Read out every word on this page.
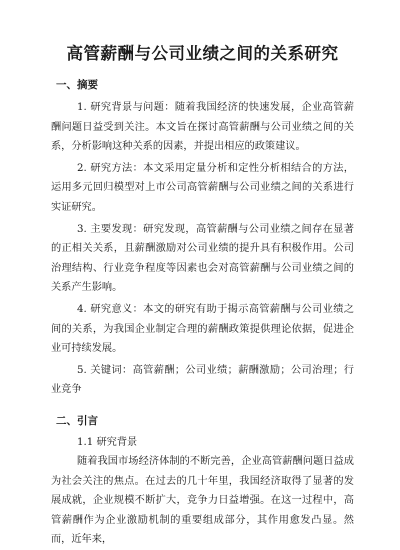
高管薪酬与公司业绩之间的关系研究
一、摘要

1. 研究背景与问题：随着我国经济的快速发展，企业高管薪酬问题日益受到关注。本文旨在探讨高管薪酬与公司业绩之间的关系，分析影响这种关系的因素，并提出相应的政策建议。

2. 研究方法：本文采用定量分析和定性分析相结合的方法，运用多元回归模型对上市公司高管薪酬与公司业绩之间的关系进行实证研究。

3. 主要发现：研究发现，高管薪酬与公司业绩之间存在显著的正相关关系，且薪酬激励对公司业绩的提升具有积极作用。公司治理结构、行业竞争程度等因素也会对高管薪酬与公司业绩之间的关系产生影响。

4. 研究意义：本文的研究有助于揭示高管薪酬与公司业绩之间的关系，为我国企业制定合理的薪酬政策提供理论依据，促进企业可持续发展。

5. 关键词：高管薪酬；公司业绩；薪酬激励；公司治理；行业竞争

二、引言
1.1 研究背景

随着我国市场经济体制的不断完善，企业高管薪酬问题日益成为社会关注的焦点。在过去的几十年里，我国经济取得了显著的发展成就，企业规模不断扩大，竞争力日益增强。在这一过程中，高管薪酬作为企业激励机制的重要组成部分，其作用愈发凸显。然而，近年来，
